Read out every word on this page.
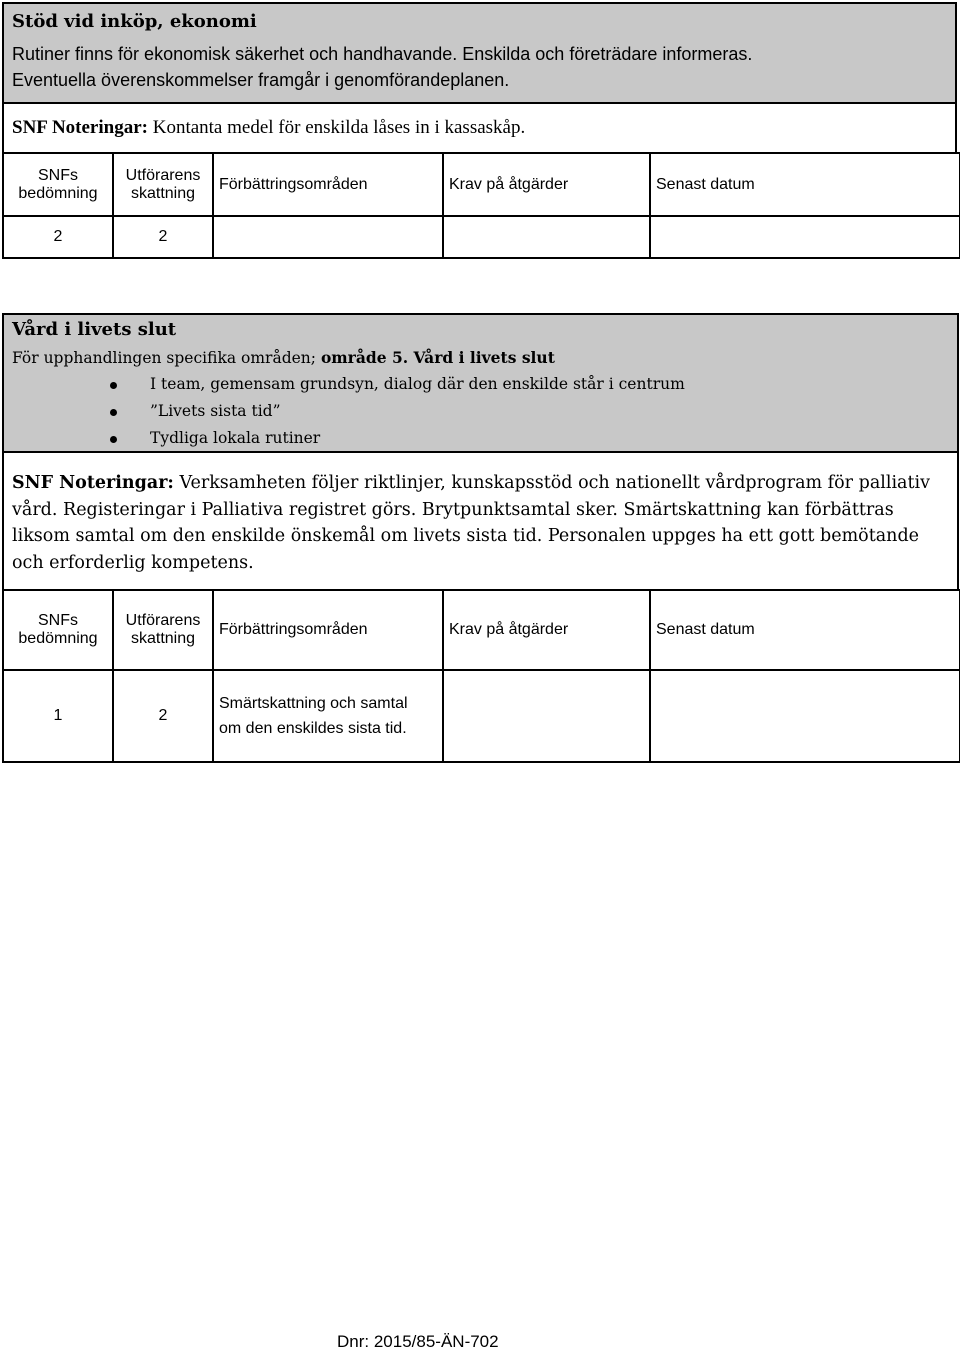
Stöd vid inköp, ekonomi
Rutiner finns för ekonomisk säkerhet och handhavande. Enskilda och företrädare informeras.
Eventuella överenskommelser framgår i genomförandeplanen.
SNF Noteringar: Kontanta medel för enskilda låses in i kassaskåp.
SNFs bedömning	Utförarens skattning	Förbättringsområden	Krav på åtgärder	Senast datum
2	2			
Vård i livets slut
För upphandlingen specifika områden; område 5. Vård i livets slut
I team, gemensam grundsyn, dialog där den enskilde står i centrum
”Livets sista tid”
Tydliga lokala rutiner
SNF Noteringar: Verksamheten följer riktlinjer, kunskapsstöd och nationellt vårdprogram för palliativ vård. Registeringar i Palliativa registret görs. Brytpunktsamtal sker. Smärtskattning kan förbättras liksom samtal om den enskilde önskemål om livets sista tid. Personalen uppges ha ett gott bemötande och erforderlig kompetens.
SNFs bedömning	Utförarens skattning	Förbättringsområden	Krav på åtgärder	Senast datum
1	2	Smärtskattning och samtal om den enskildes sista tid.		
Dnr: 2015/85-ÄN-702
